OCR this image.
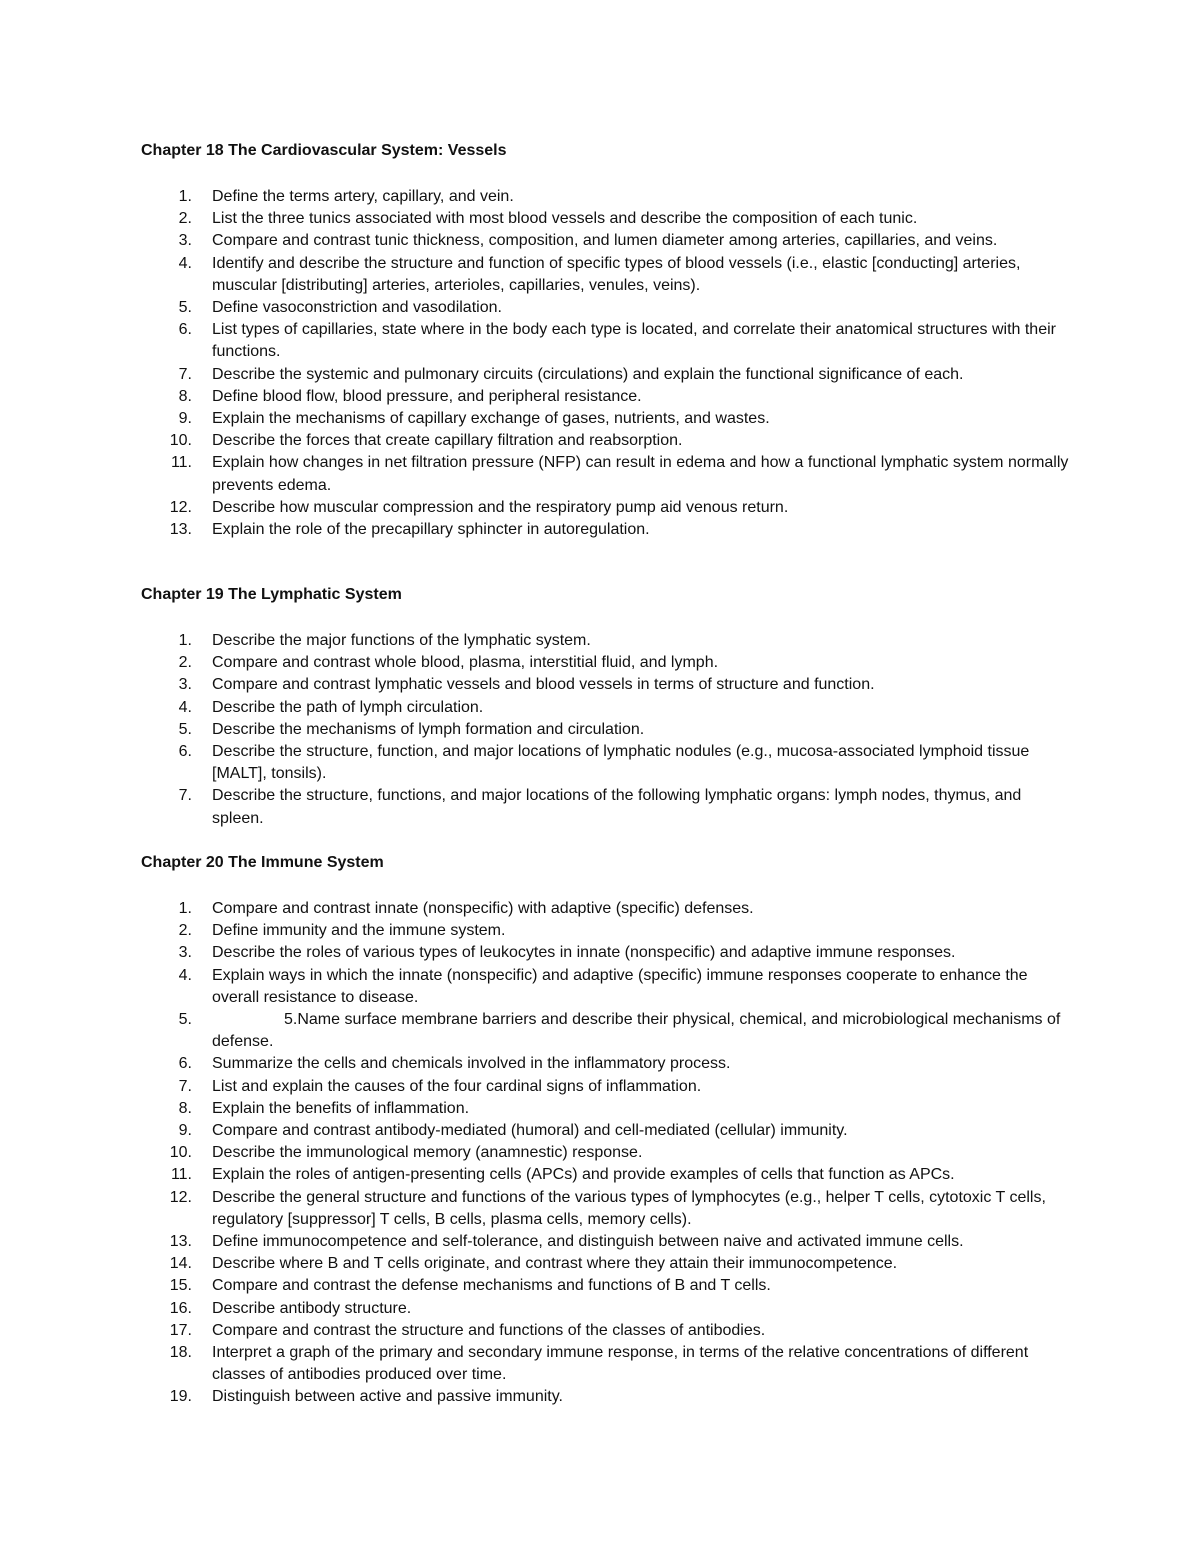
Chapter 18 The Cardiovascular System: Vessels
1. Define the terms artery, capillary, and vein.
2. List the three tunics associated with most blood vessels and describe the composition of each tunic.
3. Compare and contrast tunic thickness, composition, and lumen diameter among arteries, capillaries, and veins.
4. Identify and describe the structure and function of specific types of blood vessels (i.e., elastic [conducting] arteries, muscular [distributing] arteries, arterioles, capillaries, venules, veins).
5. Define vasoconstriction and vasodilation.
6. List types of capillaries, state where in the body each type is located, and correlate their anatomical structures with their functions.
7. Describe the systemic and pulmonary circuits (circulations) and explain the functional significance of each.
8. Define blood flow, blood pressure, and peripheral resistance.
9. Explain the mechanisms of capillary exchange of gases, nutrients, and wastes.
10. Describe the forces that create capillary filtration and reabsorption.
11. Explain how changes in net filtration pressure (NFP) can result in edema and how a functional lymphatic system normally prevents edema.
12. Describe how muscular compression and the respiratory pump aid venous return.
13. Explain the role of the precapillary sphincter in autoregulation.
Chapter 19 The Lymphatic System
1. Describe the major functions of the lymphatic system.
2. Compare and contrast whole blood, plasma, interstitial fluid, and lymph.
3. Compare and contrast lymphatic vessels and blood vessels in terms of structure and function.
4. Describe the path of lymph circulation.
5. Describe the mechanisms of lymph formation and circulation.
6. Describe the structure, function, and major locations of lymphatic nodules (e.g., mucosa-associated lymphoid tissue [MALT], tonsils).
7. Describe the structure, functions, and major locations of the following lymphatic organs: lymph nodes, thymus, and spleen.
Chapter 20 The Immune System
1. Compare and contrast innate (nonspecific) with adaptive (specific) defenses.
2. Define immunity and the immune system.
3. Describe the roles of various types of leukocytes in innate (nonspecific) and adaptive immune responses.
4. Explain ways in which the innate (nonspecific) and adaptive (specific) immune responses cooperate to enhance the overall resistance to disease.
5.	5.Name surface membrane barriers and describe their physical, chemical, and microbiological mechanisms of defense.
6. Summarize the cells and chemicals involved in the inflammatory process.
7. List and explain the causes of the four cardinal signs of inflammation.
8. Explain the benefits of inflammation.
9. Compare and contrast antibody-mediated (humoral) and cell-mediated (cellular) immunity.
10. Describe the immunological memory (anamnestic) response.
11. Explain the roles of antigen-presenting cells (APCs) and provide examples of cells that function as APCs.
12. Describe the general structure and functions of the various types of lymphocytes (e.g., helper T cells, cytotoxic T cells, regulatory [suppressor] T cells, B cells, plasma cells, memory cells).
13. Define immunocompetence and self-tolerance, and distinguish between naive and activated immune cells.
14. Describe where B and T cells originate, and contrast where they attain their immunocompetence.
15. Compare and contrast the defense mechanisms and functions of B and T cells.
16. Describe antibody structure.
17. Compare and contrast the structure and functions of the classes of antibodies.
18. Interpret a graph of the primary and secondary immune response, in terms of the relative concentrations of different classes of antibodies produced over time.
19. Distinguish between active and passive immunity.
